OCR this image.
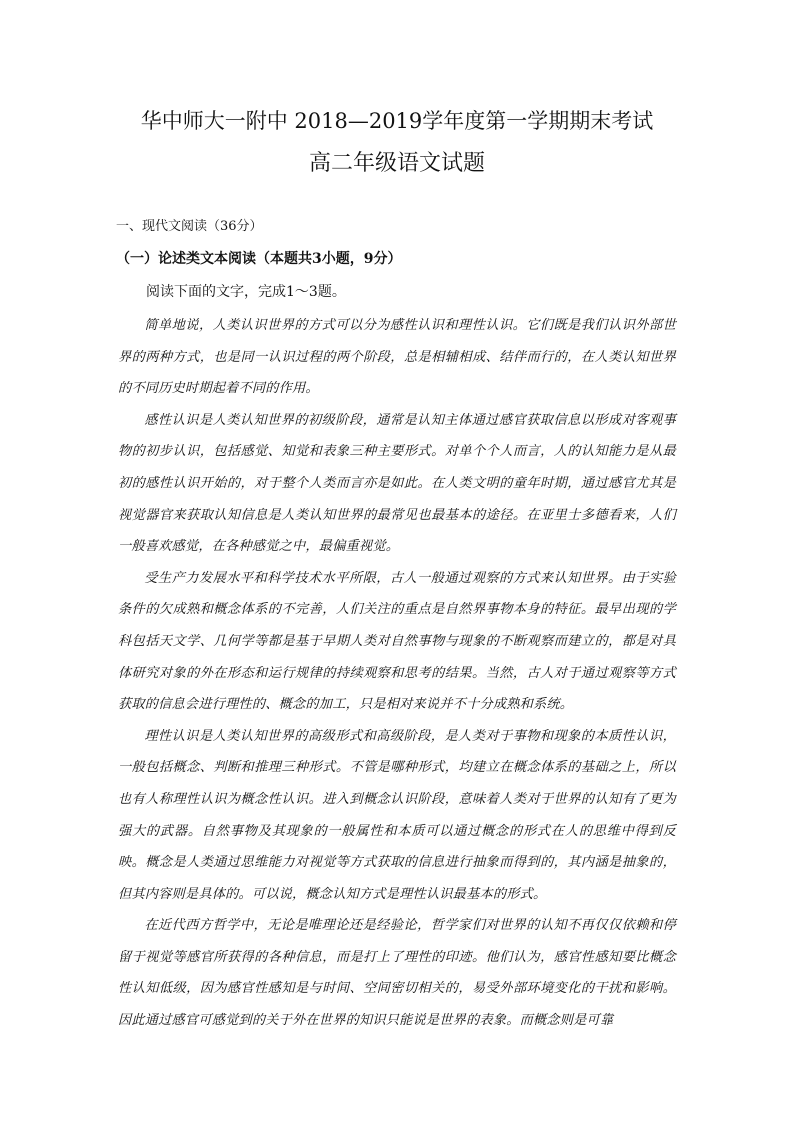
华中师大一附中 2018—2019学年度第一学期期末考试
高二年级语文试题
一、现代文阅读（36分）
（一）论述类文本阅读（本题共3小题，9分）
阅读下面的文字，完成1～3题。

简单地说，人类认识世界的方式可以分为感性认识和理性认识。它们既是我们认识外部世界的两种方式，也是同一认识过程的两个阶段，总是相辅相成、结伴而行的，在人类认知世界的不同历史时期起着不同的作用。

感性认识是人类认知世界的初级阶段，通常是认知主体通过感官获取信息以形成对客观事物的初步认识，包括感觉、知觉和表象三种主要形式。对单个个人而言，人的认知能力是从最初的感性认识开始的，对于整个人类而言亦是如此。在人类文明的童年时期，通过感官尤其是视觉器官来获取认知信息是人类认知世界的最常见也最基本的途径。在亚里士多德看来，人们一般喜欢感觉，在各种感觉之中，最偏重视觉。

受生产力发展水平和科学技术水平所限，古人一般通过观察的方式来认知世界。由于实验条件的欠成熟和概念体系的不完善，人们关注的重点是自然界事物本身的特征。最早出现的学科包括天文学、几何学等都是基于早期人类对自然事物与现象的不断观察而建立的，都是对具体研究对象的外在形态和运行规律的持续观察和思考的结果。当然，古人对于通过观察等方式获取的信息会进行理性的、概念的加工，只是相对来说并不十分成熟和系统。

理性认识是人类认知世界的高级形式和高级阶段，是人类对于事物和现象的本质性认识，一般包括概念、判断和推理三种形式。不管是哪种形式，均建立在概念体系的基础之上，所以也有人称理性认识为概念性认识。进入到概念认识阶段，意味着人类对于世界的认知有了更为强大的武器。自然事物及其现象的一般属性和本质可以通过概念的形式在人的思维中得到反映。概念是人类通过思维能力对视觉等方式获取的信息进行抽象而得到的，其内涵是抽象的，但其内容则是具体的。可以说，概念认知方式是理性认识最基本的形式。

在近代西方哲学中，无论是唯理论还是经验论，哲学家们对世界的认知不再仅仅依赖和停留于视觉等感官所获得的各种信息，而是打上了理性的印迹。他们认为，感官性感知要比概念性认知低级，因为感官性感知是与时间、空间密切相关的，易受外部环境变化的干扰和影响。因此通过感官可感觉到的关于外在世界的知识只能说是世界的表象。而概念则是可靠
